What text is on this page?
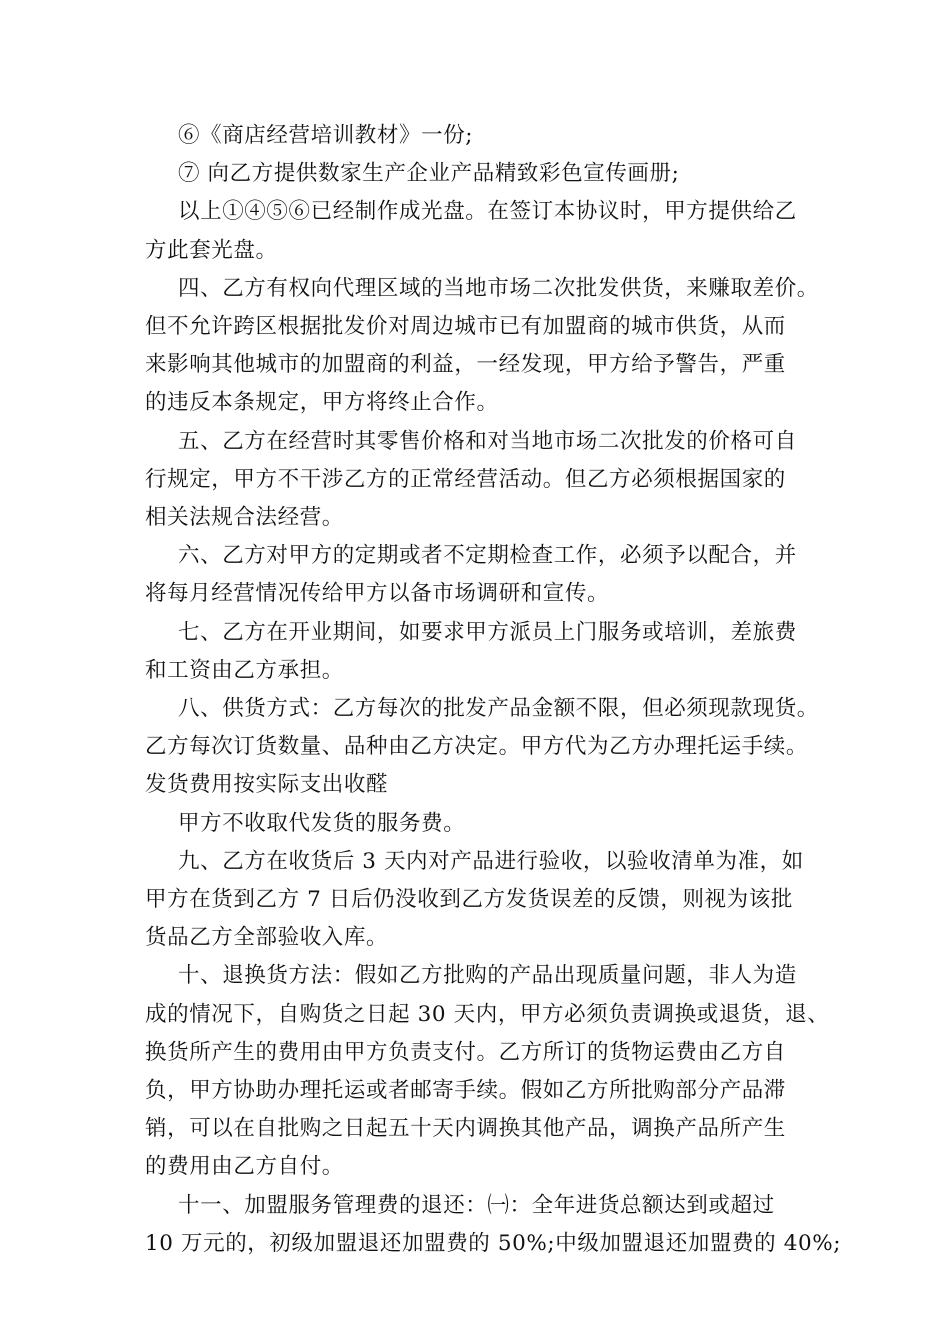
⑥《商店经营培训教材》一份;
⑦ 向乙方提供数家生产企业产品精致彩色宣传画册;
以上①④⑤⑥已经制作成光盘。在签订本协议时，甲方提供给乙
方此套光盘。
四、乙方有权向代理区域的当地市场二次批发供货，来赚取差价。
但不允许跨区根据批发价对周边城市已有加盟商的城市供货，从而
来影响其他城市的加盟商的利益，一经发现，甲方给予警告，严重
的违反本条规定，甲方将终止合作。
五、乙方在经营时其零售价格和对当地市场二次批发的价格可自
行规定，甲方不干涉乙方的正常经营活动。但乙方必须根据国家的
相关法规合法经营。
六、乙方对甲方的定期或者不定期检查工作，必须予以配合，并
将每月经营情况传给甲方以备市场调研和宣传。
七、乙方在开业期间，如要求甲方派员上门服务或培训，差旅费
和工资由乙方承担。
八、供货方式：乙方每次的批发产品金额不限，但必须现款现货。
乙方每次订货数量、品种由乙方决定。甲方代为乙方办理托运手续。
发货费用按实际支出收醛
甲方不收取代发货的服务费。
九、乙方在收货后 3 天内对产品进行验收，以验收清单为准，如
甲方在货到乙方 7 日后仍没收到乙方发货误差的反馈，则视为该批
货品乙方全部验收入库。
十、退换货方法：假如乙方批购的产品出现质量问题，非人为造
成的情况下，自购货之日起 30 天内，甲方必须负责调换或退货，退、
换货所产生的费用由甲方负责支付。乙方所订的货物运费由乙方自
负，甲方协助办理托运或者邮寄手续。假如乙方所批购部分产品滞
销，可以在自批购之日起五十天内调换其他产品，调换产品所产生
的费用由乙方自付。
十一、加盟服务管理费的退还：㈠：全年进货总额达到或超过
10 万元的，初级加盟退还加盟费的 50%;中级加盟退还加盟费的 40%;
